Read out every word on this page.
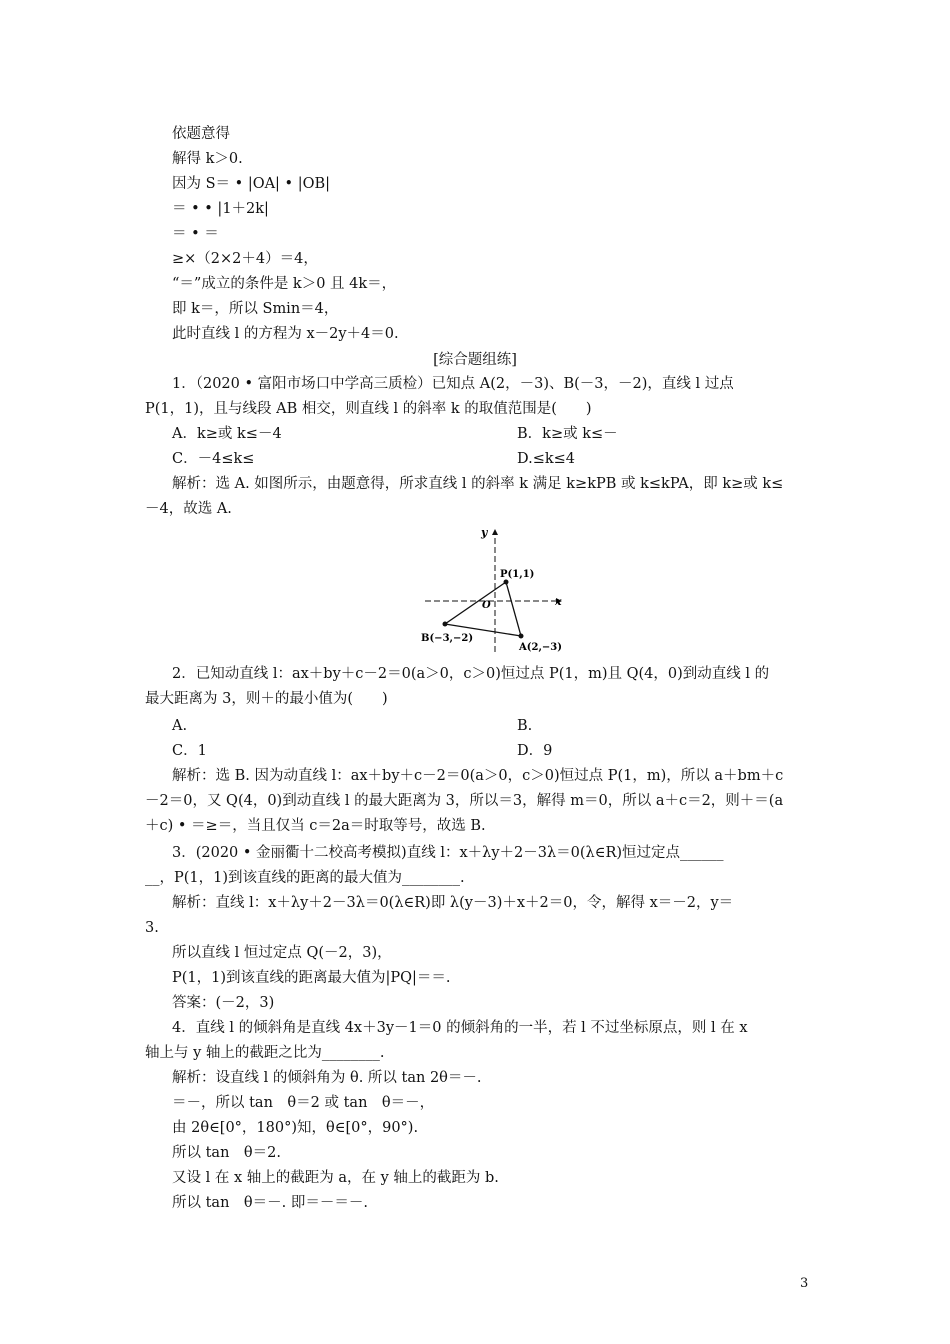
依题意得
解得 k＞0.
因为 S＝ • |OA| • |OB|
＝ • • |1＋2k|
＝ • ＝
≥×（2×2＋4）＝4，
“＝”成立的条件是 k＞0 且 4k＝，
即 k＝，所以 Smin＝4，
此时直线 l 的方程为 x－2y＋4＝0.
[综合题组练]
1．（2020 • 富阳市场口中学高三质检）已知点 A(2，－3)、B(－3，－2)，直线 l 过点
P(1，1)，且与线段 AB 相交，则直线 l 的斜率 k 的取值范围是(　　)
A．k≥或 k≤－4	B．k≥或 k≤－
C．－4≤k≤	D.≤k≤4
解析：选 A. 如图所示，由题意得，所求直线 l 的斜率 k 满足 k≥kPB 或 k≤kPA，即 k≥或 k≤
－4，故选 A.
y
x
O
P(1,1)
B(−3,−2)
A(2,−3)
2．已知动直线 l：ax＋by＋c－2＝0(a＞0，c＞0)恒过点 P(1，m)且 Q(4，0)到动直线 l 的
最大距离为 3，则＋的最小值为(　　)
A.	B.
C．1	D．9
解析：选 B. 因为动直线 l：ax＋by＋c－2＝0(a＞0，c＞0)恒过点 P(1，m)，所以 a＋bm＋c
－2＝0，又 Q(4，0)到动直线 l 的最大距离为 3，所以＝3，解得 m＝0，所以 a＋c＝2，则＋＝(a
＋c) • ＝≥＝，当且仅当 c＝2a＝时取等号，故选 B.
3．(2020 • 金丽衢十二校高考模拟)直线 l：x＋λy＋2－3λ＝0(λ∈R)恒过定点______
__，P(1，1)到该直线的距离的最大值为________.
解析：直线 l：x＋λy＋2－3λ＝0(λ∈R)即 λ(y－3)＋x＋2＝0，令，解得 x＝－2，y＝
3.
所以直线 l 恒过定点 Q(－2，3)，
P(1，1)到该直线的距离最大值为|PQ|＝＝.
答案：(－2，3)
4．直线 l 的倾斜角是直线 4x＋3y－1＝0 的倾斜角的一半，若 l 不过坐标原点，则 l 在 x
轴上与 y 轴上的截距之比为________.
解析：设直线 l 的倾斜角为 θ. 所以 tan 2θ＝－.
＝－，所以 tan　θ＝2 或 tan　θ＝－，
由 2θ∈[0°，180°)知，θ∈[0°，90°).
所以 tan　θ＝2.
又设 l 在 x 轴上的截距为 a，在 y 轴上的截距为 b.
所以 tan　θ＝－. 即＝－＝－.
3
